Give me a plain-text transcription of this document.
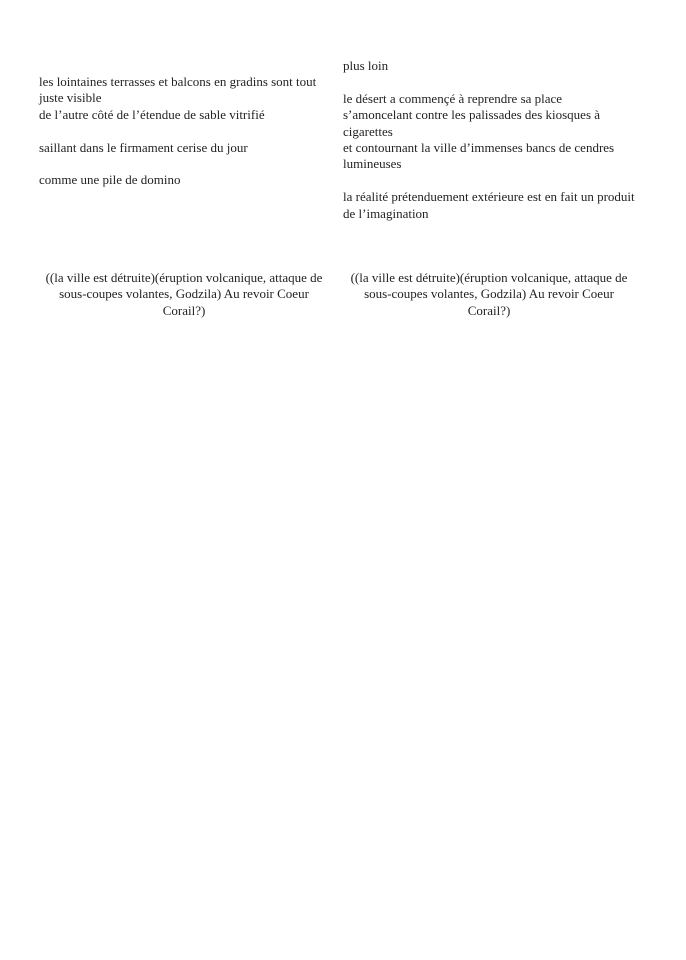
les lointaines terrasses et balcons en gradins sont tout juste visible
de l’autre côté de l’étendue de sable vitrifié
saillant dans le firmament cerise du jour
comme une pile de domino
plus loin
le désert a commençé à reprendre sa place
s’amoncelant contre les palissades des kiosques à cigarettes
et contournant la ville d’immenses bancs de cendres lumineuses
la réalité prétenduement extérieure est en fait un produit de l’imagination
((la ville est détruite)(éruption volcanique, attaque de sous-coupes volantes, Godzila) Au revoir Coeur Corail?)
((la ville est détruite)(éruption volcanique, attaque de sous-coupes volantes, Godzila) Au revoir Coeur Corail?)
